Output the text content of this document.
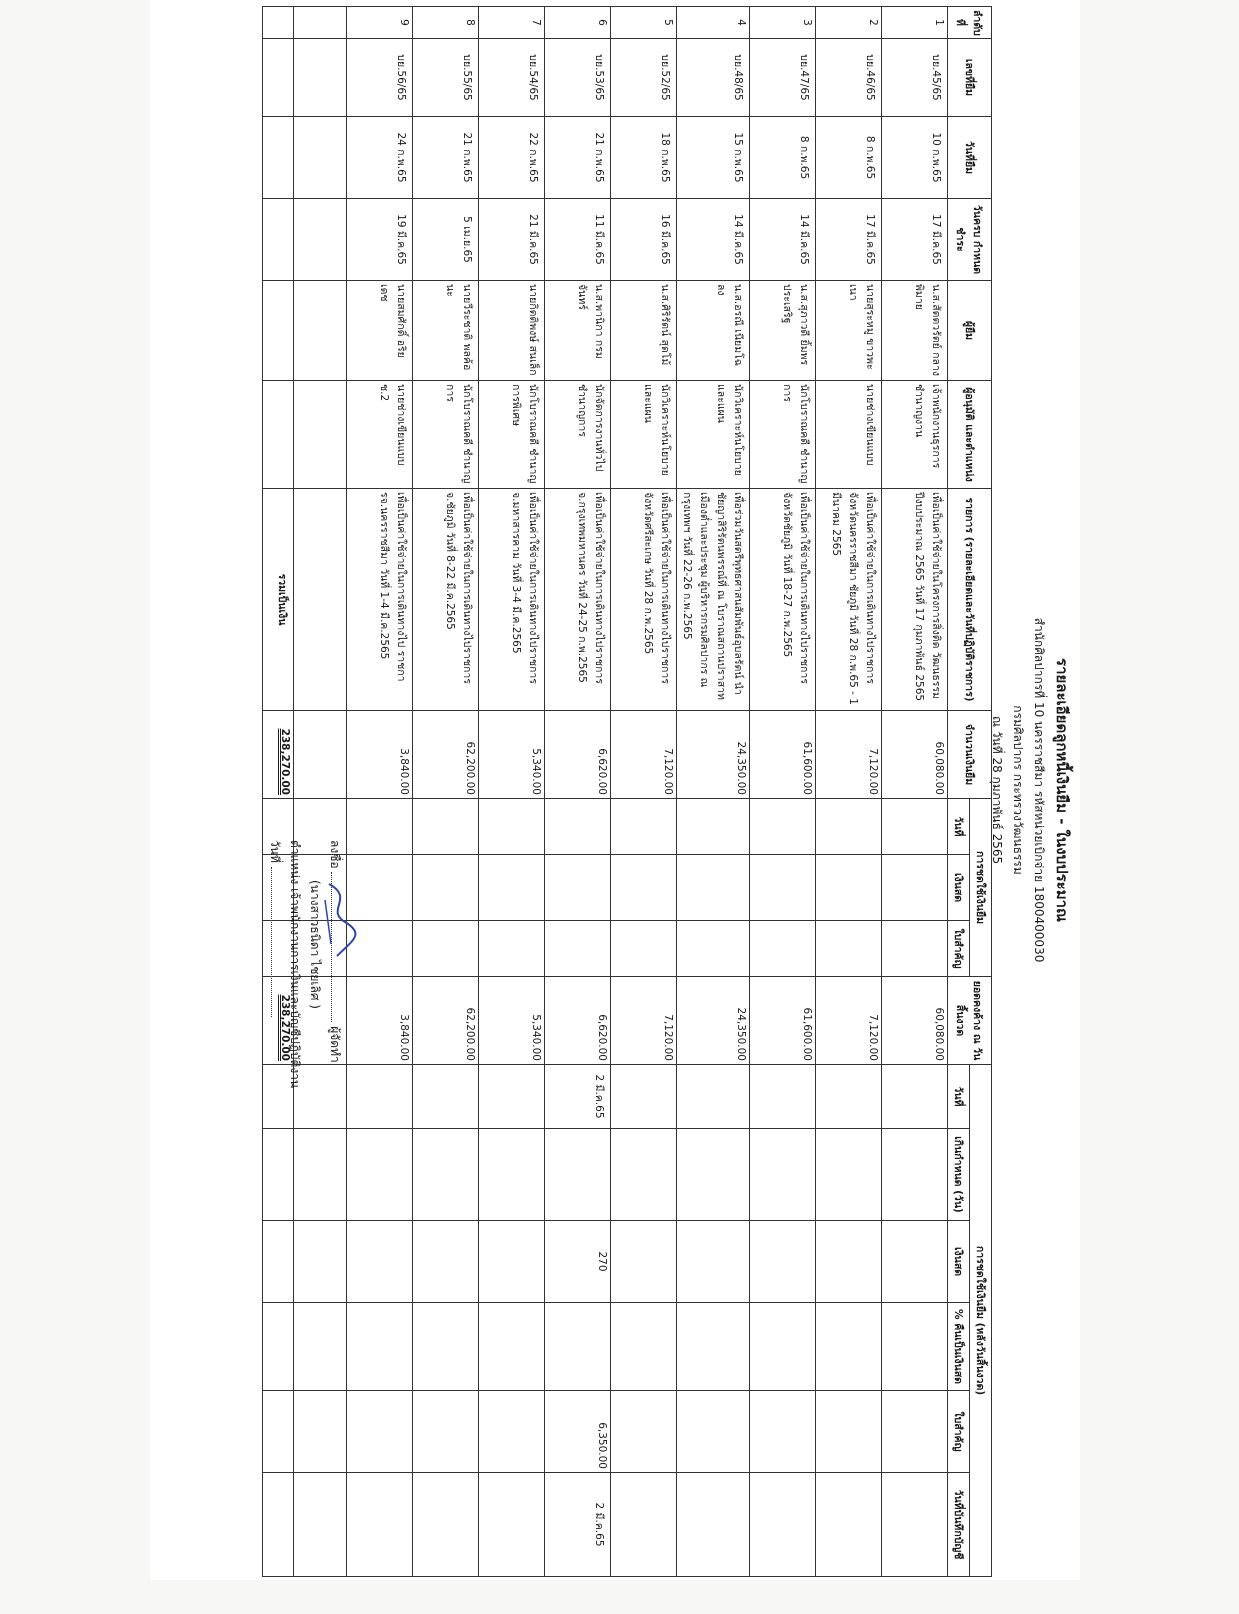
รายละเอียดลูกหนี้เงินยืม - ในงบประมาณ
สำนักศิลปากรที่ 10 นครราชสีมา รหัสหน่วยเบิกจ่าย 1800400030
กรมศิลปากร กระทรวงวัฒนธรรม
ณ วันที่ 28 กุมภาพันธ์ 2565
ลำดับที่	เลขที่ยืม	วันที่ยืม	วันครบ กำหนดชำระ	ผู้ยืม	ผู้อนุมัติ และตำแหน่ง	รายการ (รายละเอียดและวันที่ปฏิบัติราชการ)	จำนวนเงินยืม	การชดใช้เงินยืม			ยอดคงค้าง ณ วันสิ้นงวด	การชดใช้เงินยืม (หลังวันสิ้นงวด)					
								วันที่	เงินสด	ใบสำคัญ		วันที่	เกินกำหนด (วัน)	เงินสด	% คืนเป็นเงินสด	ใบสำคัญ	วันที่บันทึกบัญชี
1	บย.45/65	10 ก.พ.65	17 มี.ค.65	น.ส.สัตตวรัตย์ กลางพิมาย	เจ้าพนักงานธุรการ ชำนาญงาน	เพื่อเป็นค่าใช้จ่ายในโครงการสิ่งติด วัฒนธรรม ปีงบประมาณ 2565 วันที่ 17 กุมภาพันธ์ 2565	60,080.00				60,080.00						
2	บย.46/65	8 ก.พ.65	17 มี.ค.65	นายสุระหมู ขาวพะเนา	นายช่างเขียนแบบ	เพื่อเป็นค่าใช้จ่ายในการเดินทางไปราชการ จังหวัดนครราชสีมา ชัยภูมิ วันที่ 28 ก.พ.65 - 1 มีนาคม 2565	7,120.00				7,120.00						
3	บย.47/65	8 ก.พ.65	14 มี.ค.65	น.ส.สุภาวดี ยิ้มพร ประเสริฐ	นักโบราณคดี ชำนาญการ	เพื่อเป็นค่าใช้จ่ายในการเดินทางไปราชการ จังหวัดชัยภูมิ วันที่ 18-27 ก.พ.2565	61,600.00				61,600.00						
4	บย.48/65	15 ก.พ.65	14 มี.ค.65	น.ส.อรณี เนียมโฉลง	นักวิเคราะห์นโยบาย และแผน	เพื่อร่วมวันสตรีพุทธศาสนสัมพันธ์อุบลรัตน์ นำชัยญาสิริรัตนพรรณ์ที่ ณ โบราณสถานปราสาทเมืองต่ำและประชุม ผู้บริหารกรมศิลปากร ณ กรุงเทพฯ วันที่ 22-26 ก.พ.2565	24,350.00				24,350.00						
5	บย.52/65	18 ก.พ.65	16 มี.ค.65	น.ส.ศิริรัตน์ สุดโม้	นักวิเคราะห์นโยบาย และแผน	เพื่อเป็นค่าใช้จ่ายในการเดินทางไปราชการ จังหวัดศรีสะเกษ วันที่ 28 ก.พ.2565	7,120.00				7,120.00						
6	บย.53/65	21 ก.พ.65	11 มี.ค.65	น.ส.พานิกา กรม จันทร์	นักจัดการงานทั่วไป ชำนาญการ	เพื่อเป็นค่าใช้จ่ายในการเดินทางไปราชการ จ.กรุงเทพมหานคร วันที่ 24-25 ก.พ.2565	6,620.00				6,620.00	2 มี.ค.65		270		6,350.00	2 มี.ค.65
7	บย.54/65	22 ก.พ.65	21 มี.ค.65	นายกิตติพงษ์ สนเล็ก	นักโบราณคดี ชำนาญการพิเศษ	เพื่อเป็นค่าใช้จ่ายในการเดินทางไปราชการ จ.มหาสารคาม วันที่ 3-4 มี.ค.2565	5,340.00				5,340.00						
8	บย.55/65	21 ก.พ.65	5 เม.ย.65	นายวีระชาติ พลค้อนะ	นักโบราณคดี ชำนาญการ	เพื่อเป็นค่าใช้จ่ายในการเดินทางไปราชการ จ.ชัยภูมิ วันที่ 8-22 มี.ค.2565	62,200.00				62,200.00						
9	บย.56/65	24 ก.พ.65	19 มี.ค.65	นายสมศักดิ์ อริย เดช	นายช่างเขียนแบบ ช.2	เพื่อเป็นค่าใช้จ่ายในการเดินทางไป ราชการจ.นครราชสีมา วันที่ 1-4 มี.ค.2565	3,840.00				3,840.00						

						รวมเป็นเงิน	238,270.00				238,270.00						
ลงชื่อ  ผู้จัดทำ
(นางสาวธนิดา ไชยเลิศ )
ตำแหน่ง เจ้าพนักงานการเงินและบัญชีปฏิบัติงาน
วันที่
